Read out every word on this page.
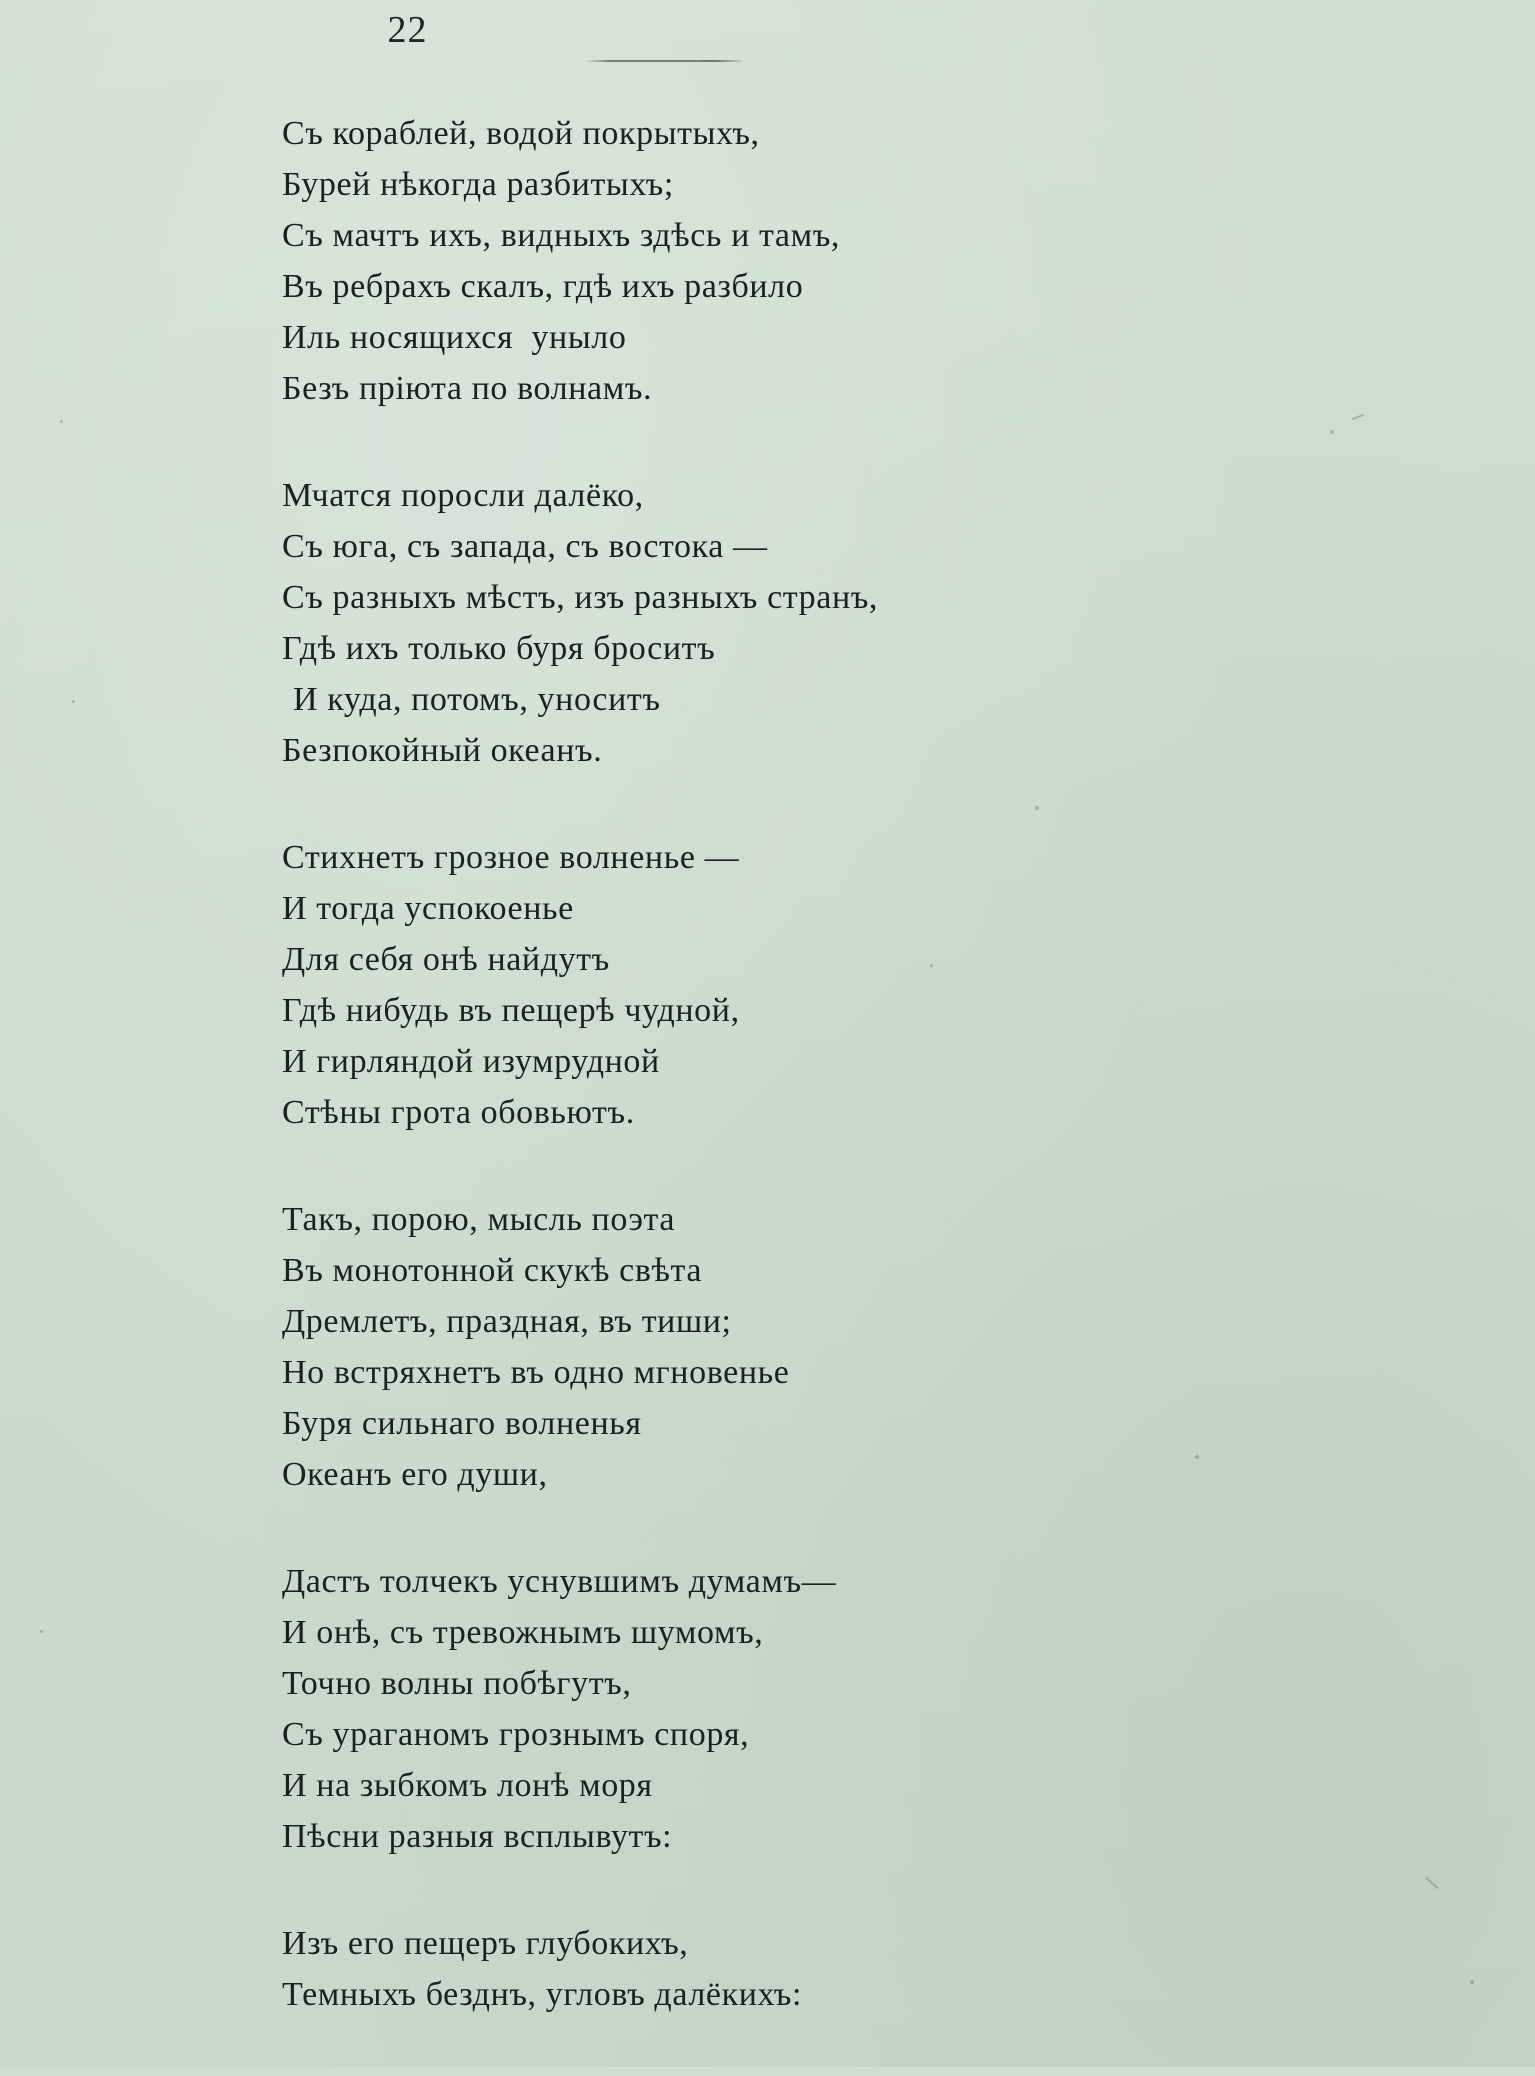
22
Съ кораблей, водой покрытыхъ,
Бурей нѣкогда разбитыхъ;
Съ мачтъ ихъ, видныхъ здѣсь и тамъ,
Въ ребрахъ скалъ, гдѣ ихъ разбило
Иль носящихся  уныло
Безъ пріюта по волнамъ.
Мчатся поросли далёко,
Съ юга, съ запада, съ востока —
Съ разныхъ мѣстъ, изъ разныхъ странъ,
Гдѣ ихъ только буря броситъ
И куда, потомъ, уноситъ
Безпокойный океанъ.
Стихнетъ грозное волненье —
И тогда успокоенье
Для себя онѣ найдутъ
Гдѣ нибудь въ пещерѣ чудной,
И гирляндой изумрудной
Стѣны грота обовьютъ.
Такъ, порою, мысль поэта
Въ монотонной скукѣ свѣта
Дремлетъ, праздная, въ тиши;
Но встряхнетъ въ одно мгновенье
Буря сильнаго волненья
Океанъ его души,
Дастъ толчекъ уснувшимъ думамъ—
И онѣ, съ тревожнымъ шумомъ,
Точно волны побѣгутъ,
Съ ураганомъ грознымъ споря,
И на зыбкомъ лонѣ моря
Пѣсни разныя всплывутъ:
Изъ его пещеръ глубокихъ,
Темныхъ безднъ, угловъ далёкихъ:
